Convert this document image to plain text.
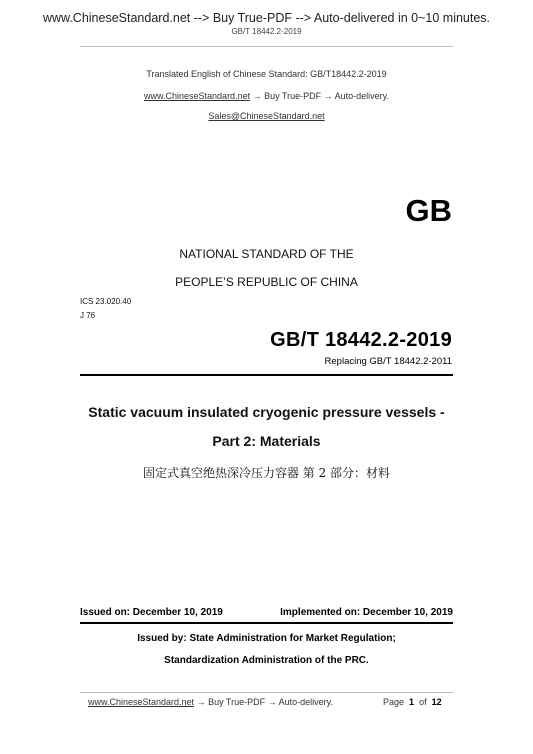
www.ChineseStandard.net --> Buy True-PDF --> Auto-delivered in 0~10 minutes.
GB/T 18442.2-2019
Translated English of Chinese Standard: GB/T18442.2-2019
www.ChineseStandard.net → Buy True-PDF → Auto-delivery.
Sales@ChineseStandard.net
GB
NATIONAL STANDARD OF THE
PEOPLE’S REPUBLIC OF CHINA
ICS 23.020.40
J 76
GB/T 18442.2-2019
Replacing GB/T 18442.2-2011
Static vacuum insulated cryogenic pressure vessels -
Part 2: Materials
固定式真空绝热深冷压力容器 第 2 部分：材料
Issued on: December 10, 2019	Implemented on: December 10, 2019
Issued by: State Administration for Market Regulation;
Standardization Administration of the PRC.
www.ChineseStandard.net → Buy True-PDF → Auto-delivery.	Page 1 of 12
